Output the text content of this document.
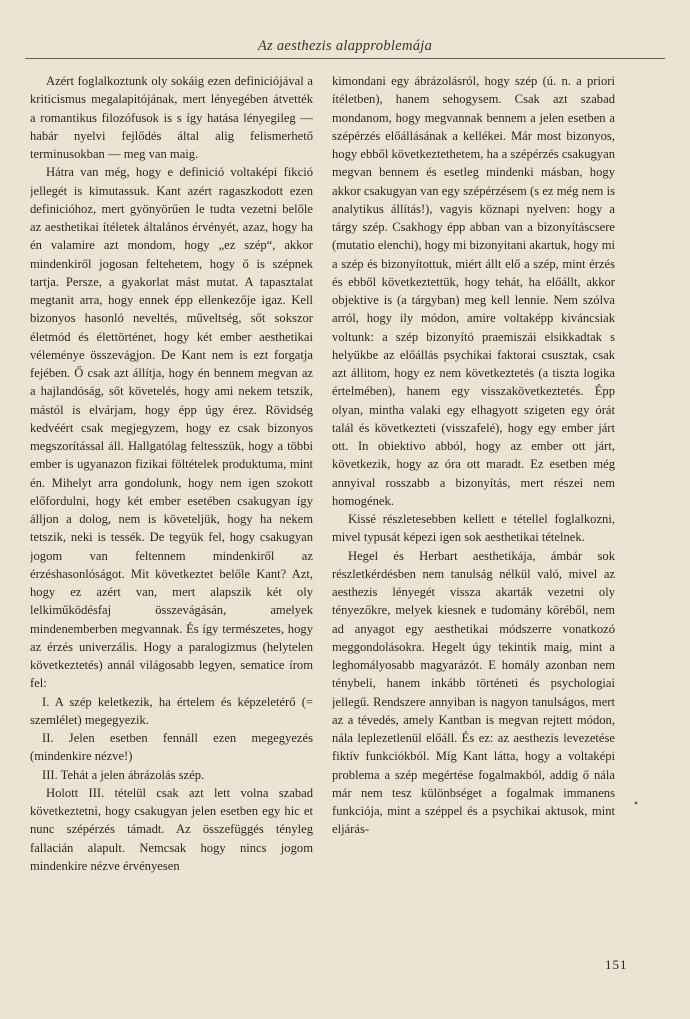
Az aesthezis alapproblemája

Azért foglalkoztunk oly sokáig ezen definiciójával a kriticismus megalapitójának, mert lényegében átvették a romantikus filozófusok is s így hatása lényegileg — habár nyelvi fejlődés által alig felismerhető terminusokban — meg van maig.

Hátra van még, hogy e definició voltaképi fikció jellegét is kimutassuk. Kant azért ragaszkodott ezen definicióhoz, mert gyönyörűen le tudta vezetni belőle az aesthetikai ítéletek általános érvényét, azaz, hogy ha én valamire azt mondom, hogy „ez szép“, akkor mindenkiről jogosan feltehetem, hogy ő is szépnek tartja. Persze, a gyakorlat mást mutat. A tapasztalat megtanit arra, hogy ennek épp ellenkezője igaz. Kell bizonyos hasonló neveltés, műveltség, sőt sokszor életmód és élettörténet, hogy két ember aesthetikai véleménye összevágjon. De Kant nem is ezt forgatja fejében. Ő csak azt állítja, hogy én bennem megvan az a hajlandóság, sőt követelés, hogy ami nekem tetszik, mástól is elvárjam, hogy épp úgy érez. Rövidség kedvéért csak megjegyzem, hogy ez csak bizonyos megszorítással áll. Hallgatólag feltesszük, hogy a többi ember is ugyanazon fizikai föltételek produktuma, mint én. Mihelyt arra gondolunk, hogy nem igen szokott előfordulni, hogy két ember esetében csakugyan így álljon a dolog, nem is követeljük, hogy ha nekem tetszik, neki is tessék. De tegyük fel, hogy csakugyan jogom van feltennem mindenkiről az érzéshasonlóságot. Mit következtet belőle Kant? Azt, hogy ez azért van, mert alapszik két oly lelkiműködésfaj összevágásán, amelyek mindenemberben megvannak. És így természetes, hogy az érzés univerzális. Hogy a paralogizmus (helytelen következtetés) annál világosabb legyen, sematice írom fel:

I. A szép keletkezik, ha értelem és képzeletérő (= szemlélet) megegyezik.

II. Jelen esetben fennáll ezen megegyezés (mindenkire nézve!)

III. Tehát a jelen ábrázolás szép.

Holott III. tételül csak azt lett volna szabad következtetni, hogy csakugyan jelen esetben egy hic et nunc szépérzés támadt. Az összefüggés tényleg fallacián alapult. Nemcsak hogy nincs jogom mindenkire nézve érvényesen

kimondani egy ábrázolásról, hogy szép (ú. n. a priori ítéletben), hanem sehogysem. Csak azt szabad mondanom, hogy megvannak bennem a jelen esetben a szépérzés előállásának a kellékei. Már most bizonyos, hogy ebből következtethetem, ha a szépérzés csakugyan megvan bennem és esetleg mindenki másban, hogy akkor csakugyan van egy szépérzésem (s ez még nem is analytikus állítás!), vagyis köznapi nyelven: hogy a tárgy szép. Csakhogy épp abban van a bizonyításcsere (mutatio elenchi), hogy mi bizonyitani akartuk, hogy mi a szép és bizonyítottuk, miért állt elő a szép, mint érzés és ebből következtettük, hogy tehát, ha előállt, akkor objektive is (a tárgyban) meg kell lennie. Nem szólva arról, hogy ily módon, amire voltaképp kiváncsiak voltunk: a szép bizonyító praemiszái elsikkadtak s helyükbe az előállás psychikai faktorai csusztak, csak azt állitom, hogy ez nem következtetés (a tiszta logika értelmében), hanem egy visszakövetkeztetés. Épp olyan, mintha valaki egy elhagyott szigeten egy órát talál és következteti (visszafelé), hogy egy ember járt ott. In obiektivo abból, hogy az ember ott járt, következik, hogy az óra ott maradt. Ez esetben még annyival rosszabb a bizonyítás, mert részei nem homogének.

Kissé részletesebben kellett e tétellel foglalkozni, mivel typusát képezi igen sok aesthetikai tételnek.

Hegel és Herbart aesthetikája, ámbár sok részletkérdésben nem tanulság nélkül való, mivel az aesthezis lényegét vissza akarták vezetni oly tényezőkre, melyek kiesnek e tudomány köréből, nem ad anyagot egy aesthetikai módszerre vonatkozó meggondolásokra. Hegelt úgy tekintik maig, mint a leghomályosabb magyarázót. E homály azonban nem ténybeli, hanem inkább történeti és psychologiai jellegű. Rendszere annyiban is nagyon tanulságos, mert az a tévedés, amely Kantban is megvan rejtett módon, nála leplezetlenül előáll. És ez: az aesthezis levezetése fiktív funkciókból. Míg Kant látta, hogy a voltaképi problema a szép megértése fogalmakból, addig ő nála már nem tesz különbséget a fogalmak immanens funkciója, mint a széppel és a psychikai aktusok, mint eljárás-

•
151
